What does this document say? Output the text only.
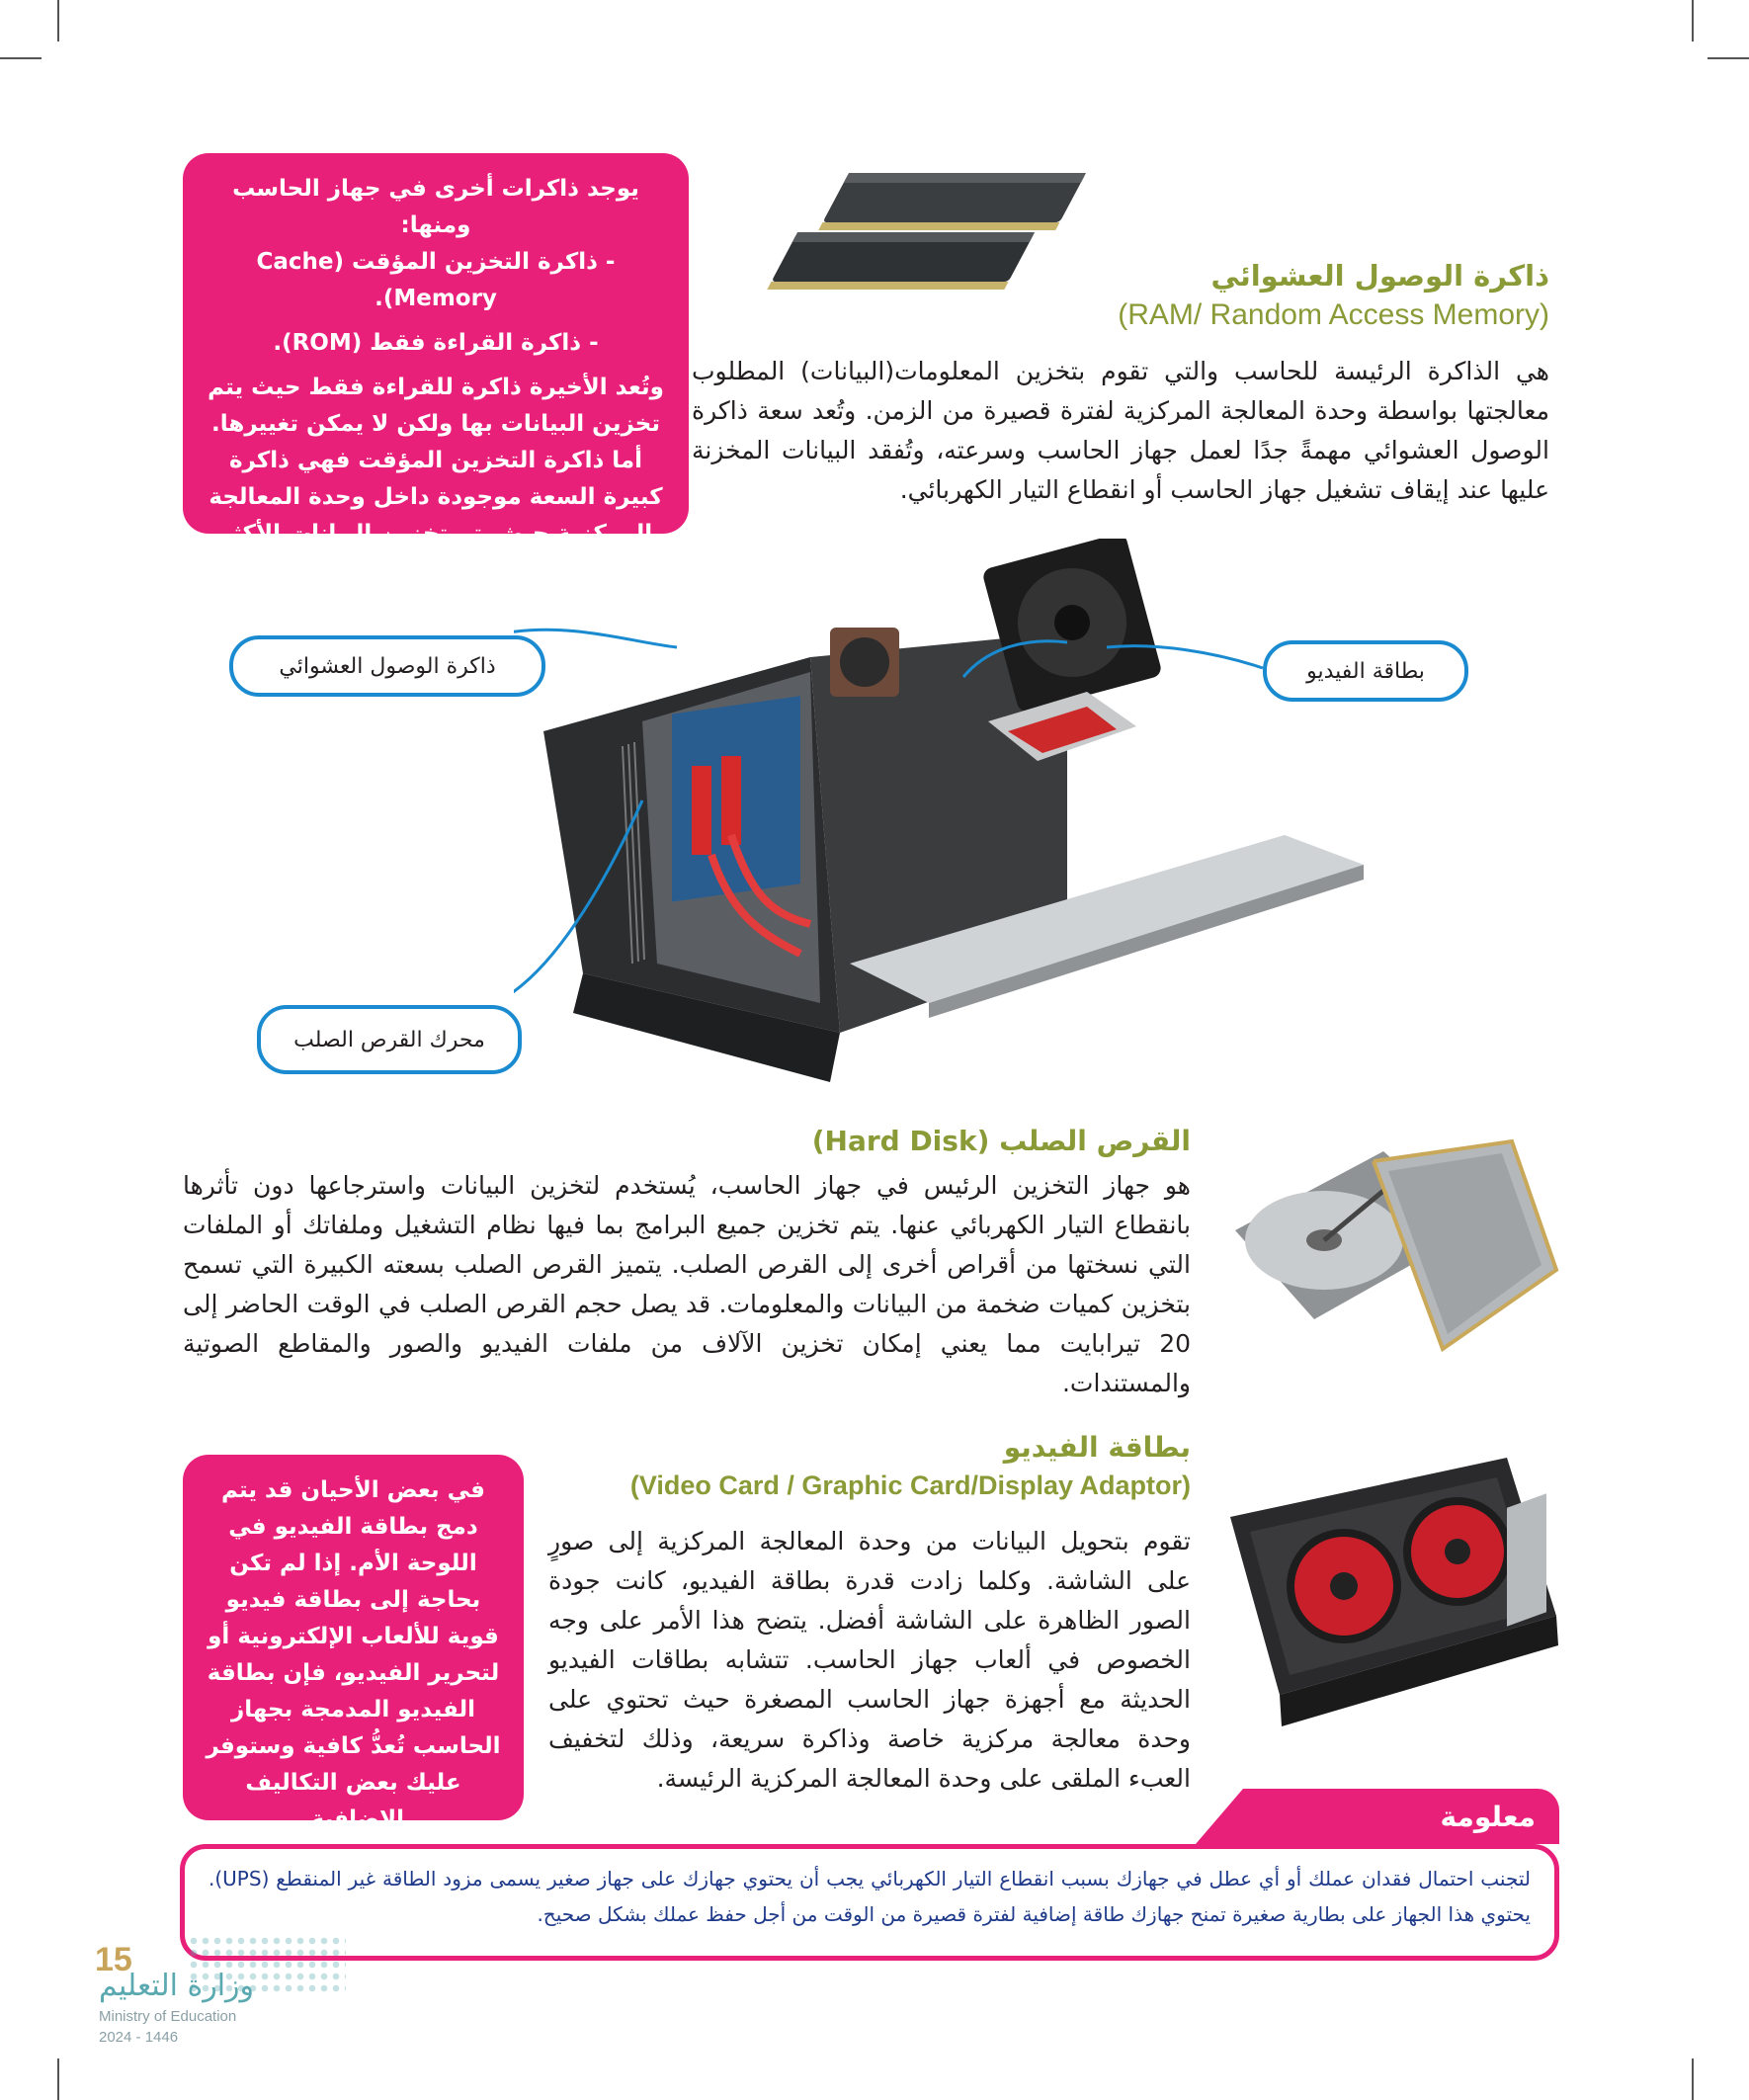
يوجد ذاكرات أخرى في جهاز الحاسب ومنها:

- ذاكرة التخزين المؤقت (Cache Memory).

- ذاكرة القراءة فقط (ROM).

وتُعد الأخيرة ذاكرة للقراءة فقط حيث يتم تخزين البيانات بها ولكن لا يمكن تغييرها. أما ذاكرة التخزين المؤقت فهي ذاكرة كبيرة السعة موجودة داخل وحدة المعالجة المركزية حيث يتم تخزين البيانات الأكثر استخدامًا بها.

ذاكرة الوصول العشوائي
(RAM/ Random Access Memory)
هي الذاكرة الرئيسة للحاسب والتي تقوم بتخزين المعلومات(البيانات) المطلوب معالجتها بواسطة وحدة المعالجة المركزية لفترة قصيرة من الزمن. وتُعد سعة ذاكرة الوصول العشوائي مهمةً جدًا لعمل جهاز الحاسب وسرعته، وتُفقد البيانات المخزنة عليها عند إيقاف تشغيل جهاز الحاسب أو انقطاع التيار الكهربائي.
ذاكرة الوصول العشوائي	بطاقة الفيديو
محرك القرص الصلب
القرص الصلب (Hard Disk)
هو جهاز التخزين الرئيس في جهاز الحاسب، يُستخدم لتخزين البيانات واسترجاعها دون تأثرها بانقطاع التيار الكهربائي عنها. يتم تخزين جميع البرامج بما فيها نظام التشغيل وملفاتك أو الملفات التي نسختها من أقراص أخرى إلى القرص الصلب. يتميز القرص الصلب بسعته الكبيرة التي تسمح بتخزين كميات ضخمة من البيانات والمعلومات. قد يصل حجم القرص الصلب في الوقت الحاضر إلى 20 تيرابايت مما يعني إمكان تخزين الآلاف من ملفات الفيديو والصور والمقاطع الصوتية والمستندات.
بطاقة الفيديو
(Video Card / Graphic Card/Display Adaptor)
تقوم بتحويل البيانات من وحدة المعالجة المركزية إلى صورٍ على الشاشة. وكلما زادت قدرة بطاقة الفيديو، كانت جودة الصور الظاهرة على الشاشة أفضل. يتضح هذا الأمر على وجه الخصوص في ألعاب جهاز الحاسب. تتشابه بطاقات الفيديو الحديثة مع أجهزة جهاز الحاسب المصغرة حيث تحتوي على وحدة معالجة مركزية خاصة وذاكرة سريعة، وذلك لتخفيف العبء الملقى على وحدة المعالجة المركزية الرئيسة.

في بعض الأحيان قد يتم دمج بطاقة الفيديو في اللوحة الأم. إذا لم تكن بحاجة إلى بطاقة فيديو قوية للألعاب الإلكترونية أو لتحرير الفيديو، فإن بطاقة الفيديو المدمجة بجهاز الحاسب تُعدُّ كافية وستوفر عليك بعض التكاليف الإضافية.	معلومة
لتجنب احتمال فقدان عملك أو أي عطل في جهازك بسبب انقطاع التيار الكهربائي يجب أن يحتوي جهازك على جهاز صغير يسمى مزود الطاقة غير المنقطع (UPS). يحتوي هذا الجهاز على بطارية صغيرة تمنح جهازك طاقة إضافية لفترة قصيرة من الوقت من أجل حفظ عملك بشكل صحيح.
15
وزارة التعليم
Ministry of Education
2024 - 1446
